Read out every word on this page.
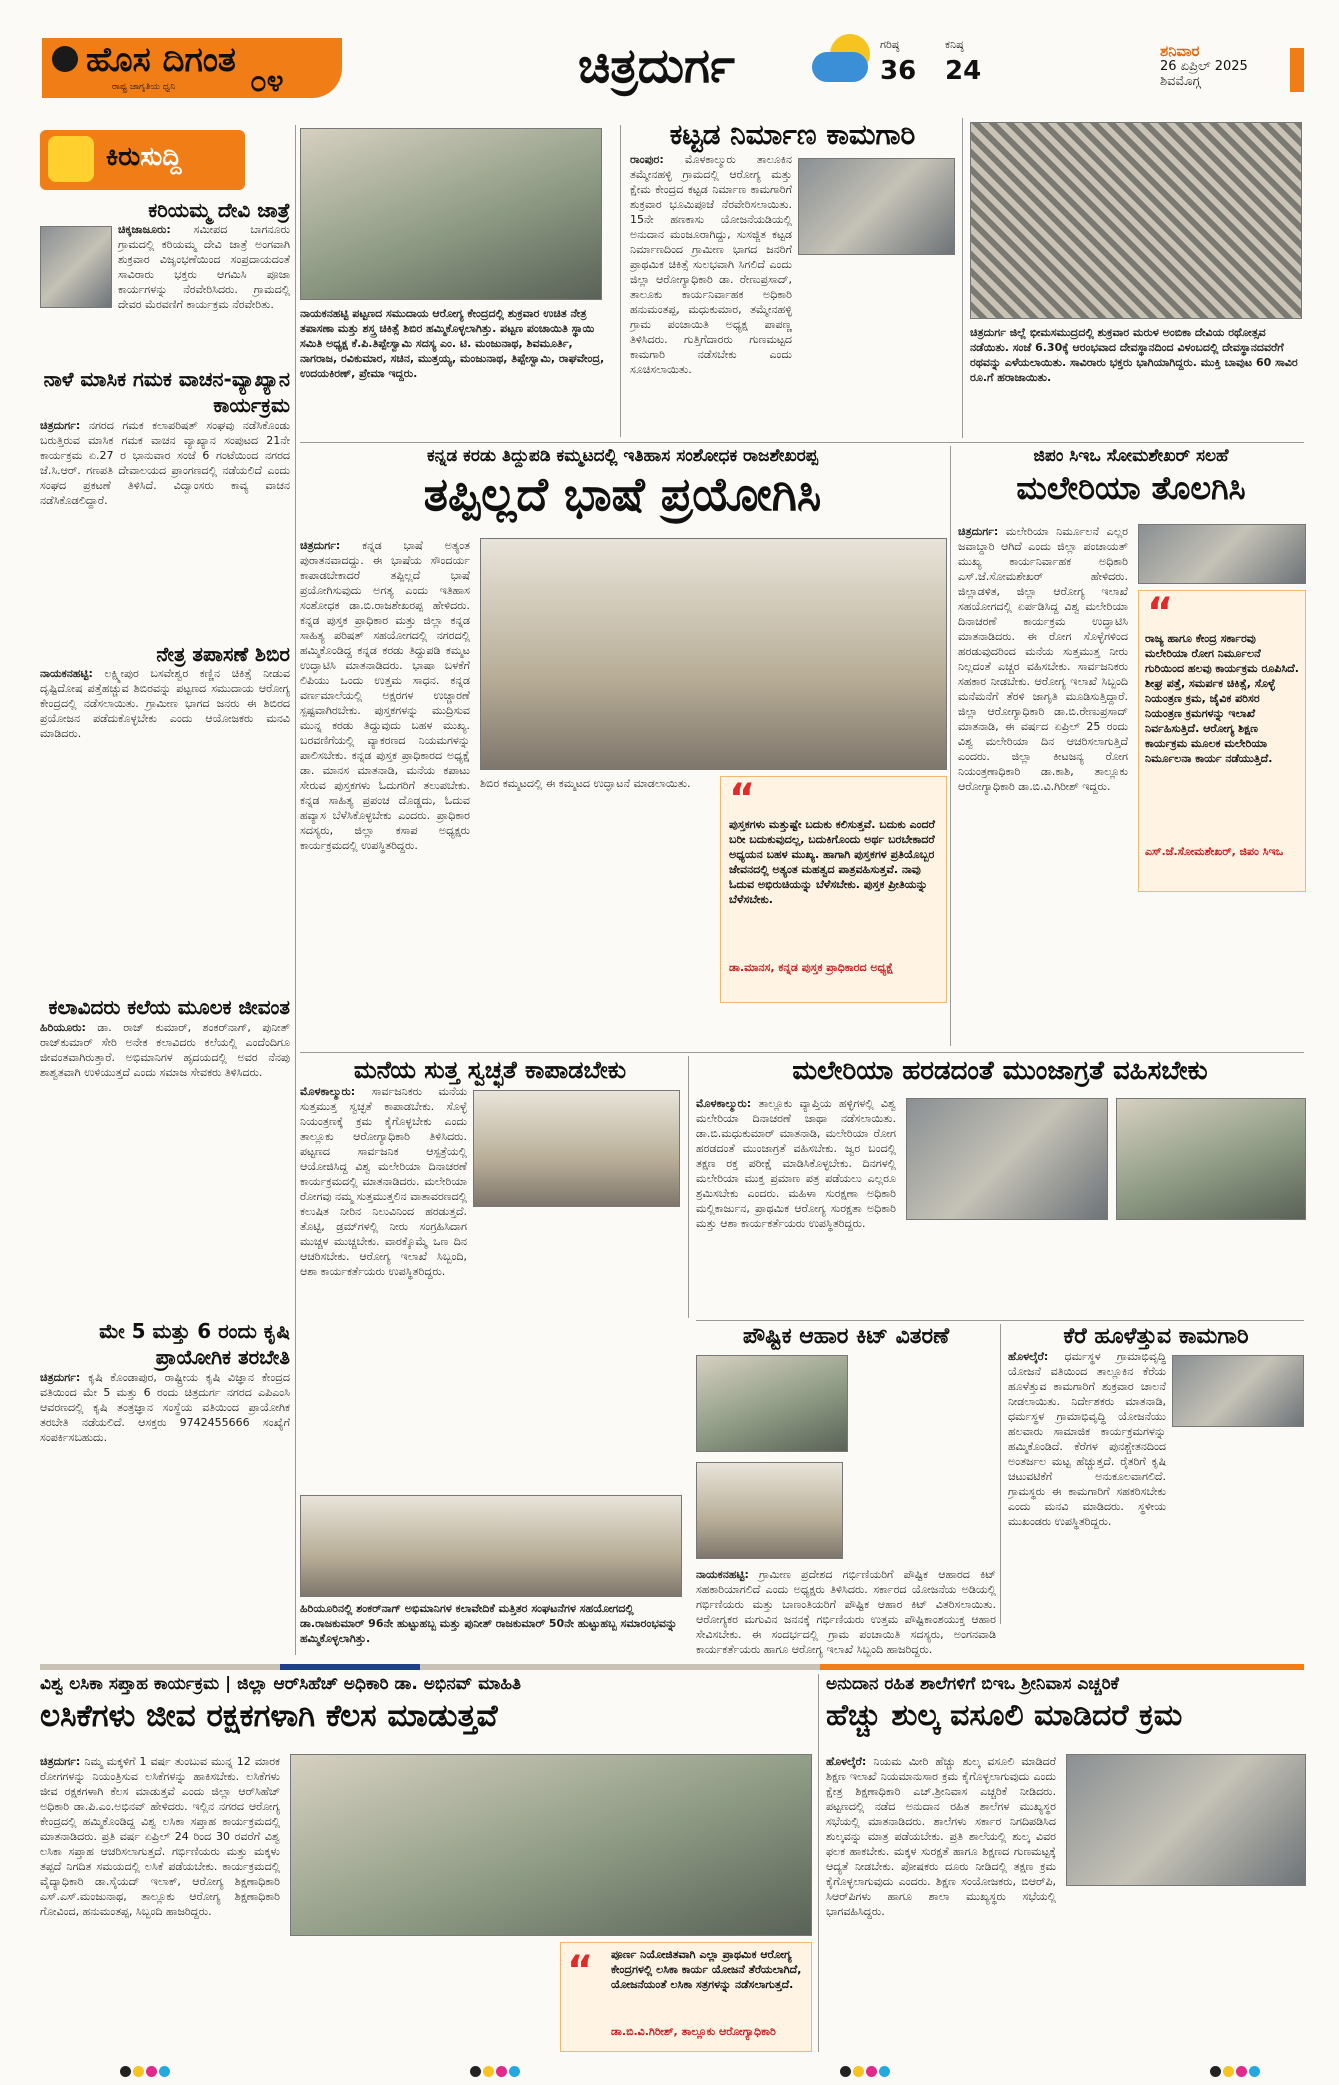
ಹೊಸ ದಿಗಂತ
ರಾಷ್ಟ್ರ ಜಾಗೃತಿಯ ಧ್ವನಿ ೦೪	ಚಿತ್ರದುರ್ಗ	ಗರಿಷ್ಠ
36
ಕನಿಷ್ಠ
24
ಶನಿವಾರ
26 ಏಪ್ರಿಲ್ 2025
ಶಿವಮೊಗ್ಗ
ಕಿರುಸುದ್ದಿ
ಕರಿಯಮ್ಮ ದೇವಿ ಜಾತ್ರೆ
ಚಿಕ್ಕಜಾಜೂರು: ಸಮೀಪದ ಬಾಗನೂರು ಗ್ರಾಮದಲ್ಲಿ ಕರಿಯಮ್ಮ ದೇವಿ ಜಾತ್ರೆ ಅಂಗವಾಗಿ ಶುಕ್ರವಾರ ವಿಜೃಂಭಣೆಯಿಂದ ಸಂಪ್ರದಾಯದಂತೆ ಸಾವಿರಾರು ಭಕ್ತರು ಆಗಮಿಸಿ ಪೂಜಾ ಕಾರ್ಯಗಳನ್ನು ನೆರವೇರಿಸಿದರು. ಗ್ರಾಮದಲ್ಲಿ ದೇವರ ಮೆರವಣಿಗೆ ಕಾರ್ಯಕ್ರಮ ನೆರವೇರಿತು.
ನಾಳೆ ಮಾಸಿಕ ಗಮಕ ವಾಚನ-ವ್ಯಾಖ್ಯಾನ ಕಾರ್ಯಕ್ರಮ
ಚಿತ್ರದುರ್ಗ: ನಗರದ ಗಮಕ ಕಲಾಪರಿಷತ್ ಸಂಘವು ನಡೆಸಿಕೊಂಡು ಬರುತ್ತಿರುವ ಮಾಸಿಕ ಗಮಕ ವಾಚನ ವ್ಯಾಖ್ಯಾನ ಸಂಪುಟದ 21ನೇ ಕಾರ್ಯಕ್ರಮ ಏ.27 ರ ಭಾನುವಾರ ಸಂಜೆ 6 ಗಂಟೆಯಿಂದ ನಗರದ ಜೆ.ಸಿ.ಆರ್. ಗಣಪತಿ ದೇವಾಲಯದ ಪ್ರಾಂಗಣದಲ್ಲಿ ನಡೆಯಲಿದೆ ಎಂದು ಸಂಘದ ಪ್ರಕಟಣೆ ತಿಳಿಸಿದೆ. ವಿದ್ವಾಂಸರು ಕಾವ್ಯ ವಾಚನ ನಡೆಸಿಕೊಡಲಿದ್ದಾರೆ.
ನೇತ್ರ ತಪಾಸಣೆ ಶಿಬಿರ
ನಾಯಕನಹಟ್ಟಿ: ಲಕ್ಷ್ಮೀಪುರ ಬಸವೇಶ್ವರ ಕಣ್ಣಿನ ಚಿಕಿತ್ಸೆ ನೀಡುವ ದೃಷ್ಟಿದೋಷ ಪತ್ತೆಹಚ್ಚುವ ಶಿಬಿರವನ್ನು ಪಟ್ಟಣದ ಸಮುದಾಯ ಆರೋಗ್ಯ ಕೇಂದ್ರದಲ್ಲಿ ನಡೆಸಲಾಯಿತು. ಗ್ರಾಮೀಣ ಭಾಗದ ಜನರು ಈ ಶಿಬಿರದ ಪ್ರಯೋಜನ ಪಡೆದುಕೊಳ್ಳಬೇಕು ಎಂದು ಆಯೋಜಕರು ಮನವಿ ಮಾಡಿದರು.
ಕಲಾವಿದರು ಕಲೆಯ ಮೂಲಕ ಜೀವಂತ
ಹಿರಿಯೂರು: ಡಾ. ರಾಜ್ ಕುಮಾರ್, ಶಂಕರ್‌ನಾಗ್, ಪುನೀತ್ ರಾಜ್‌ಕುಮಾರ್ ಸೇರಿ ಅನೇಕ ಕಲಾವಿದರು ಕಲೆಯಲ್ಲಿ ಎಂದೆಂದಿಗೂ ಜೀವಂತವಾಗಿರುತ್ತಾರೆ. ಅಭಿಮಾನಿಗಳ ಹೃದಯದಲ್ಲಿ ಅವರ ನೆನಪು ಶಾಶ್ವತವಾಗಿ ಉಳಿಯುತ್ತದೆ ಎಂದು ಸಮಾಜ ಸೇವಕರು ತಿಳಿಸಿದರು.
ಮೇ 5 ಮತ್ತು 6 ರಂದು ಕೃಷಿ ಪ್ರಾಯೋಗಿಕ ತರಬೇತಿ
ಚಿತ್ರದುರ್ಗ: ಕೃಷಿ ಕೊಂಡಾಪುರ, ರಾಷ್ಟ್ರೀಯ ಕೃಷಿ ವಿಜ್ಞಾನ ಕೇಂದ್ರದ ವತಿಯಿಂದ ಮೇ 5 ಮತ್ತು 6 ರಂದು ಚಿತ್ರದುರ್ಗ ನಗರದ ಎಪಿಎಂಸಿ ಆವರಣದಲ್ಲಿ ಕೃಷಿ ತಂತ್ರಜ್ಞಾನ ಸಂಸ್ಥೆಯ ವತಿಯಿಂದ ಪ್ರಾಯೋಗಿಕ ತರಬೇತಿ ನಡೆಯಲಿದೆ. ಆಸಕ್ತರು 9742455666 ಸಂಖ್ಯೆಗೆ ಸಂಪರ್ಕಿಸಬಹುದು.
ನಾಯಕನಹಟ್ಟಿ ಪಟ್ಟಣದ ಸಮುದಾಯ ಆರೋಗ್ಯ ಕೇಂದ್ರದಲ್ಲಿ ಶುಕ್ರವಾರ ಉಚಿತ ನೇತ್ರ ತಪಾಸಣಾ ಮತ್ತು ಶಸ್ತ್ರ ಚಿಕಿತ್ಸೆ ಶಿಬಿರ ಹಮ್ಮಿಕೊಳ್ಳಲಾಗಿತ್ತು. ಪಟ್ಟಣ ಪಂಚಾಯಿತಿ ಸ್ಥಾಯಿ ಸಮಿತಿ ಅಧ್ಯಕ್ಷ ಕೆ.ಪಿ.ತಿಪ್ಪೇಸ್ವಾಮಿ ಸದಸ್ಯ ಎಂ. ಟಿ. ಮಂಜುನಾಥ, ಶಿವಮೂರ್ತಿ, ನಾಗರಾಜ, ರವಿಕುಮಾರ, ಸಚಿನ, ಮುತ್ತಯ್ಯ, ಮಂಜುನಾಥ, ತಿಪ್ಪೇಸ್ವಾಮಿ, ರಾಘವೇಂದ್ರ, ಉದಯಕಿರಣ್, ಪ್ರೇಮಾ ಇದ್ದರು.
ಕಟ್ಟಡ ನಿರ್ಮಾಣ ಕಾಮಗಾರಿ
ರಾಂಪುರ: ಮೊಳಕಾಲ್ಮುರು ತಾಲೂಕಿನ ತಮ್ಮೇನಹಳ್ಳಿ ಗ್ರಾಮದಲ್ಲಿ ಆರೋಗ್ಯ ಮತ್ತು ಕ್ಷೇಮ ಕೇಂದ್ರದ ಕಟ್ಟಡ ನಿರ್ಮಾಣ ಕಾಮಗಾರಿಗೆ ಶುಕ್ರವಾರ ಭೂಮಿಪೂಜೆ ನೆರವೇರಿಸಲಾಯಿತು. 15ನೇ ಹಣಕಾಸು ಯೋಜನೆಯಡಿಯಲ್ಲಿ ಅನುದಾನ ಮಂಜೂರಾಗಿದ್ದು, ಸುಸಜ್ಜಿತ ಕಟ್ಟಡ ನಿರ್ಮಾಣದಿಂದ ಗ್ರಾಮೀಣ ಭಾಗದ ಜನರಿಗೆ ಪ್ರಾಥಮಿಕ ಚಿಕಿತ್ಸೆ ಸುಲಭವಾಗಿ ಸಿಗಲಿದೆ ಎಂದು ಜಿಲ್ಲಾ ಆರೋಗ್ಯಾಧಿಕಾರಿ ಡಾ. ರೇಣುಪ್ರಸಾದ್, ತಾಲೂಕು ಕಾರ್ಯನಿರ್ವಾಹಕ ಅಧಿಕಾರಿ ಹನುಮಂತಪ್ಪ, ಮಧುಕುಮಾರ, ತಮ್ಮೇನಹಳ್ಳಿ ಗ್ರಾಮ ಪಂಚಾಯಿತಿ ಅಧ್ಯಕ್ಷ ಪಾಪಣ್ಣ ತಿಳಿಸಿದರು. ಗುತ್ತಿಗೆದಾರರು ಗುಣಮಟ್ಟದ ಕಾಮಗಾರಿ ನಡೆಸಬೇಕು ಎಂದು ಸೂಚಿಸಲಾಯಿತು.
ಚಿತ್ರದುರ್ಗ ಜಿಲ್ಲೆ ಭೀಮಸಮುದ್ರದಲ್ಲಿ ಶುಕ್ರವಾರ ಮರುಳ ಅಂಬಿಕಾ ದೇವಿಯ ರಥೋತ್ಸವ ನಡೆಯಿತು. ಸಂಜೆ 6.30ಕ್ಕೆ ಆರಂಭವಾದ ದೇವಸ್ಥಾನದಿಂದ ವಿಳಂಬದಲ್ಲಿ ದೇವಸ್ಥಾನದವರೆಗೆ ರಥವನ್ನು ಎಳೆಯಲಾಯಿತು. ಸಾವಿರಾರು ಭಕ್ತರು ಭಾಗಿಯಾಗಿದ್ದರು. ಮುಕ್ತಿ ಬಾವುಟ 60 ಸಾವಿರ ರೂ.ಗೆ ಹರಾಜಾಯಿತು.
ಕನ್ನಡ ಕರಡು ತಿದ್ದುಪಡಿ ಕಮ್ಮಟದಲ್ಲಿ ಇತಿಹಾಸ ಸಂಶೋಧಕ ರಾಜಶೇಖರಪ್ಪ
ತಪ್ಪಿಲ್ಲದೆ ಭಾಷೆ ಪ್ರಯೋಗಿಸಿ
ಚಿತ್ರದುರ್ಗ: ಕನ್ನಡ ಭಾಷೆ ಅತ್ಯಂತ ಪುರಾತನವಾದದ್ದು. ಈ ಭಾಷೆಯ ಸೌಂದರ್ಯ ಕಾಪಾಡಬೇಕಾದರೆ ತಪ್ಪಿಲ್ಲದೆ ಭಾಷೆ ಪ್ರಯೋಗಿಸುವುದು ಅಗತ್ಯ ಎಂದು ಇತಿಹಾಸ ಸಂಶೋಧಕ ಡಾ.ಬಿ.ರಾಜಶೇಖರಪ್ಪ ಹೇಳಿದರು. ಕನ್ನಡ ಪುಸ್ತಕ ಪ್ರಾಧಿಕಾರ ಮತ್ತು ಜಿಲ್ಲಾ ಕನ್ನಡ ಸಾಹಿತ್ಯ ಪರಿಷತ್ ಸಹಯೋಗದಲ್ಲಿ ನಗರದಲ್ಲಿ ಹಮ್ಮಿಕೊಂಡಿದ್ದ ಕನ್ನಡ ಕರಡು ತಿದ್ದುಪಡಿ ಕಮ್ಮಟ ಉದ್ಘಾಟಿಸಿ ಮಾತನಾಡಿದರು. ಭಾಷಾ ಬಳಕೆಗೆ ಲಿಪಿಯು ಒಂದು ಉತ್ತಮ ಸಾಧನ. ಕನ್ನಡ ವರ್ಣಮಾಲೆಯಲ್ಲಿ ಅಕ್ಷರಗಳ ಉಚ್ಚಾರಣೆ ಸ್ಪಷ್ಟವಾಗಿರಬೇಕು. ಪುಸ್ತಕಗಳನ್ನು ಮುದ್ರಿಸುವ ಮುನ್ನ ಕರಡು ತಿದ್ದುವುದು ಬಹಳ ಮುಖ್ಯ. ಬರವಣಿಗೆಯಲ್ಲಿ ವ್ಯಾಕರಣದ ನಿಯಮಗಳನ್ನು ಪಾಲಿಸಬೇಕು. ಕನ್ನಡ ಪುಸ್ತಕ ಪ್ರಾಧಿಕಾರದ ಅಧ್ಯಕ್ಷೆ ಡಾ. ಮಾನಸ ಮಾತನಾಡಿ, ಮನೆಯ ಕಪಾಟು ಸೇರುವ ಪುಸ್ತಕಗಳು ಓದುಗರಿಗೆ ತಲುಪಬೇಕು. ಕನ್ನಡ ಸಾಹಿತ್ಯ ಪ್ರಪಂಚ ದೊಡ್ಡದು, ಓದುವ ಹವ್ಯಾಸ ಬೆಳೆಸಿಕೊಳ್ಳಬೇಕು ಎಂದರು. ಪ್ರಾಧಿಕಾರ ಸದಸ್ಯರು, ಜಿಲ್ಲಾ ಕಸಾಪ ಅಧ್ಯಕ್ಷರು ಕಾರ್ಯಕ್ರಮದಲ್ಲಿ ಉಪಸ್ಥಿತರಿದ್ದರು.
ಶಿಬಿರ ಕಮ್ಮಟದಲ್ಲಿ ಈ ಕಮ್ಮಟದ ಉದ್ಘಾಟನೆ ಮಾಡಲಾಯಿತು. “
ಪುಸ್ತಕಗಳು ಮತ್ತುಷ್ಟೇ ಬದುಕು ಕಲಿಸುತ್ತವೆ. ಬದುಕು ಎಂದರೆ ಬರೀ ಬದುಕುವುದಲ್ಲ, ಬದುಕಿಗೊಂದು ಅರ್ಥ ಬರಬೇಕಾದರೆ ಅಧ್ಯಯನ ಬಹಳ ಮುಖ್ಯ. ಹಾಗಾಗಿ ಪುಸ್ತಕಗಳ ಪ್ರತಿಯೊಬ್ಬರ ಜೇವನದಲ್ಲಿ ಅತ್ಯಂತ ಮಹತ್ವದ ಪಾತ್ರವಹಿಸುತ್ತವೆ. ನಾವು ಓದುವ ಅಭಿರುಚಿಯನ್ನು ಬೆಳೆಸಬೇಕು. ಪುಸ್ತಕ ಪ್ರೀತಿಯನ್ನು ಬೆಳೆಸಬೇಕು.
ಡಾ.ಮಾನಸ, ಕನ್ನಡ ಪುಸ್ತಕ ಪ್ರಾಧಿಕಾರದ ಅಧ್ಯಕ್ಷೆ
ಜಿಪಂ ಸಿಇಒ ಸೋಮಶೇಖರ್ ಸಲಹೆ
ಮಲೇರಿಯಾ ತೊಲಗಿಸಿ
ಚಿತ್ರದುರ್ಗ: ಮಲೇರಿಯಾ ನಿರ್ಮೂಲನೆ ಎಲ್ಲರ ಜವಾಬ್ದಾರಿ ಆಗಿದೆ ಎಂದು ಜಿಲ್ಲಾ ಪಂಚಾಯತ್ ಮುಖ್ಯ ಕಾರ್ಯನಿರ್ವಾಹಕ ಅಧಿಕಾರಿ ಎಸ್.ಜೆ.ಸೋಮಶೇಖರ್ ಹೇಳಿದರು. ಜಿಲ್ಲಾಡಳಿತ, ಜಿಲ್ಲಾ ಆರೋಗ್ಯ ಇಲಾಖೆ ಸಹಯೋಗದಲ್ಲಿ ಏರ್ಪಡಿಸಿದ್ದ ವಿಶ್ವ ಮಲೇರಿಯಾ ದಿನಾಚರಣೆ ಕಾರ್ಯಕ್ರಮ ಉದ್ಘಾಟಿಸಿ ಮಾತನಾಡಿದರು. ಈ ರೋಗ ಸೊಳ್ಳೆಗಳಿಂದ ಹರಡುವುದರಿಂದ ಮನೆಯ ಸುತ್ತಮುತ್ತ ನೀರು ನಿಲ್ಲದಂತೆ ಎಚ್ಚರ ವಹಿಸಬೇಕು. ಸಾರ್ವಜನಿಕರು ಸಹಕಾರ ನೀಡಬೇಕು. ಆರೋಗ್ಯ ಇಲಾಖೆ ಸಿಬ್ಬಂದಿ ಮನೆಮನೆಗೆ ತೆರಳಿ ಜಾಗೃತಿ ಮೂಡಿಸುತ್ತಿದ್ದಾರೆ. ಜಿಲ್ಲಾ ಆರೋಗ್ಯಾಧಿಕಾರಿ ಡಾ.ಬಿ.ರೇಣುಪ್ರಸಾದ್ ಮಾತನಾಡಿ, ಈ ವರ್ಷದ ಏಪ್ರಿಲ್ 25 ರಂದು ವಿಶ್ವ ಮಲೇರಿಯಾ ದಿನ ಆಚರಿಸಲಾಗುತ್ತಿದೆ ಎಂದರು. ಜಿಲ್ಲಾ ಕೀಟಜನ್ಯ ರೋಗ ನಿಯಂತ್ರಣಾಧಿಕಾರಿ ಡಾ.ಕಾಶಿ, ತಾಲ್ಲೂಕು ಆರೋಗ್ಯಾಧಿಕಾರಿ ಡಾ.ಬಿ.ವಿ.ಗಿರೀಶ್ ಇದ್ದರು.
“
ರಾಜ್ಯ ಹಾಗೂ ಕೇಂದ್ರ ಸರ್ಕಾರವು ಮಲೇರಿಯಾ ರೋಗ ನಿರ್ಮೂಲನೆ ಗುರಿಯಿಂದ ಹಲವು ಕಾರ್ಯಕ್ರಮ ರೂಪಿಸಿದೆ. ಶೀಘ್ರ ಪತ್ತೆ, ಸಮರ್ಪಕ ಚಿಕಿತ್ಸೆ, ಸೊಳ್ಳೆ ನಿಯಂತ್ರಣ ಕ್ರಮ, ಜೈವಿಕ ಪರಿಸರ ನಿಯಂತ್ರಣ ಕ್ರಮಗಳನ್ನು ಇಲಾಖೆ ನಿರ್ವಹಿಸುತ್ತಿದೆ. ಆರೋಗ್ಯ ಶಿಕ್ಷಣ ಕಾರ್ಯಕ್ರಮ ಮೂಲಕ ಮಲೇರಿಯಾ ನಿರ್ಮೂಲನಾ ಕಾರ್ಯ ನಡೆಯುತ್ತಿದೆ.
ಎಸ್.ಜೆ.ಸೋಮಶೇಖರ್, ಜಿಪಂ ಸಿಇಒ
ಮನೆಯ ಸುತ್ತ ಸ್ವಚ್ಛತೆ ಕಾಪಾಡಬೇಕು
ಮೊಳಕಾಲ್ಮುರು: ಸಾರ್ವಜನಿಕರು ಮನೆಯ ಸುತ್ತಮುತ್ತ ಸ್ವಚ್ಛತೆ ಕಾಪಾಡಬೇಕು. ಸೊಳ್ಳೆ ನಿಯಂತ್ರಣಕ್ಕೆ ಕ್ರಮ ಕೈಗೊಳ್ಳಬೇಕು ಎಂದು ತಾಲ್ಲೂಕು ಆರೋಗ್ಯಾಧಿಕಾರಿ ತಿಳಿಸಿದರು. ಪಟ್ಟಣದ ಸಾರ್ವಜನಿಕ ಆಸ್ಪತ್ರೆಯಲ್ಲಿ ಆಯೋಜಿಸಿದ್ದ ವಿಶ್ವ ಮಲೇರಿಯಾ ದಿನಾಚರಣೆ ಕಾರ್ಯಕ್ರಮದಲ್ಲಿ ಮಾತನಾಡಿದರು. ಮಲೇರಿಯಾ ರೋಗವು ನಮ್ಮ ಸುತ್ತಮುತ್ತಲಿನ ವಾತಾವರಣದಲ್ಲಿ ಕಲುಷಿತ ನೀರಿನ ನಿಲುವಿನಿಂದ ಹರಡುತ್ತದೆ. ತೊಟ್ಟಿ, ಡ್ರಮ್‌ಗಳಲ್ಲಿ ನೀರು ಸಂಗ್ರಹಿಸಿದಾಗ ಮುಚ್ಚಳ ಮುಚ್ಚಬೇಕು. ವಾರಕ್ಕೊಮ್ಮೆ ಒಣ ದಿನ ಆಚರಿಸಬೇಕು. ಆರೋಗ್ಯ ಇಲಾಖೆ ಸಿಬ್ಬಂದಿ, ಆಶಾ ಕಾರ್ಯಕರ್ತೆಯರು ಉಪಸ್ಥಿತರಿದ್ದರು.
ಮಲೇರಿಯಾ ಹರಡದಂತೆ ಮುಂಜಾಗ್ರತೆ ವಹಿಸಬೇಕು
ಮೊಳಕಾಲ್ಮುರು: ತಾಲ್ಲೂಕು ವ್ಯಾಪ್ತಿಯ ಹಳ್ಳಿಗಳಲ್ಲಿ ವಿಶ್ವ ಮಲೇರಿಯಾ ದಿನಾಚರಣೆ ಜಾಥಾ ನಡೆಸಲಾಯಿತು. ಡಾ.ಬಿ.ಮಧುಕುಮಾರ್ ಮಾತನಾಡಿ, ಮಲೇರಿಯಾ ರೋಗ ಹರಡದಂತೆ ಮುಂಜಾಗ್ರತೆ ವಹಿಸಬೇಕು. ಜ್ವರ ಬಂದಲ್ಲಿ ತಕ್ಷಣ ರಕ್ತ ಪರೀಕ್ಷೆ ಮಾಡಿಸಿಕೊಳ್ಳಬೇಕು. ದಿನಗಳಲ್ಲಿ ಮಲೇರಿಯಾ ಮುಕ್ತ ಪ್ರಮಾಣ ಪತ್ರ ಪಡೆಯಲು ಎಲ್ಲರೂ ಶ್ರಮಿಸಬೇಕು ಎಂದರು. ಮಹಿಳಾ ಸುರಕ್ಷಣಾ ಅಧಿಕಾರಿ ಮಲ್ಲಿಕಾರ್ಜುನ, ಪ್ರಾಥಮಿಕ ಆರೋಗ್ಯ ಸುರಕ್ಷತಾ ಅಧಿಕಾರಿ ಮತ್ತು ಆಶಾ ಕಾರ್ಯಕರ್ತೆಯರು ಉಪಸ್ಥಿತರಿದ್ದರು.
ಪೌಷ್ಟಿಕ ಆಹಾರ ಕಿಟ್ ವಿತರಣೆ

ನಾಯಕನಹಟ್ಟಿ: ಗ್ರಾಮೀಣ ಪ್ರದೇಶದ ಗರ್ಭಿಣಿಯರಿಗೆ ಪೌಷ್ಟಿಕ ಆಹಾರದ ಕಿಟ್ ಸಹಕಾರಿಯಾಗಲಿದೆ ಎಂದು ಅಧ್ಯಕ್ಷರು ತಿಳಿಸಿದರು. ಸರ್ಕಾರದ ಯೋಜನೆಯ ಅಡಿಯಲ್ಲಿ ಗರ್ಭಿಣಿಯರು ಮತ್ತು ಬಾಣಂತಿಯರಿಗೆ ಪೌಷ್ಟಿಕ ಆಹಾರ ಕಿಟ್ ವಿತರಿಸಲಾಯಿತು. ಆರೋಗ್ಯಕರ ಮಗುವಿನ ಜನನಕ್ಕೆ ಗರ್ಭಿಣಿಯರು ಉತ್ತಮ ಪೌಷ್ಟಿಕಾಂಶಯುಕ್ತ ಆಹಾರ ಸೇವಿಸಬೇಕು. ಈ ಸಂದರ್ಭದಲ್ಲಿ ಗ್ರಾಮ ಪಂಚಾಯಿತಿ ಸದಸ್ಯರು, ಅಂಗನವಾಡಿ ಕಾರ್ಯಕರ್ತೆಯರು ಹಾಗೂ ಆರೋಗ್ಯ ಇಲಾಖೆ ಸಿಬ್ಬಂದಿ ಹಾಜರಿದ್ದರು.
ಕೆರೆ ಹೂಳೆತ್ತುವ ಕಾಮಗಾರಿ
ಹೊಳಲ್ಕೆರೆ: ಧರ್ಮಸ್ಥಳ ಗ್ರಾಮಾಭಿವೃದ್ಧಿ ಯೋಜನೆ ವತಿಯಿಂದ ತಾಲ್ಲೂಕಿನ ಕೆರೆಯ ಹೂಳೆತ್ತುವ ಕಾಮಗಾರಿಗೆ ಶುಕ್ರವಾರ ಚಾಲನೆ ನೀಡಲಾಯಿತು. ನಿರ್ದೇಶಕರು ಮಾತನಾಡಿ, ಧರ್ಮಸ್ಥಳ ಗ್ರಾಮಾಭಿವೃದ್ಧಿ ಯೋಜನೆಯು ಹಲವಾರು ಸಾಮಾಜಿಕ ಕಾರ್ಯಕ್ರಮಗಳನ್ನು ಹಮ್ಮಿಕೊಂಡಿದೆ. ಕೆರೆಗಳ ಪುನಶ್ಚೇತನದಿಂದ ಅಂತರ್ಜಲ ಮಟ್ಟ ಹೆಚ್ಚುತ್ತದೆ. ರೈತರಿಗೆ ಕೃಷಿ ಚಟುವಟಿಕೆಗೆ ಅನುಕೂಲವಾಗಲಿದೆ. ಗ್ರಾಮಸ್ಥರು ಈ ಕಾಮಗಾರಿಗೆ ಸಹಕರಿಸಬೇಕು ಎಂದು ಮನವಿ ಮಾಡಿದರು. ಸ್ಥಳೀಯ ಮುಖಂಡರು ಉಪಸ್ಥಿತರಿದ್ದರು.
ಹಿರಿಯೂರಿನಲ್ಲಿ ಶಂಕರ್‌ನಾಗ್ ಅಭಿಮಾನಿಗಳ ಕಲಾವೇದಿಕೆ ಮತ್ತಿತರ ಸಂಘಟನೆಗಳ ಸಹಯೋಗದಲ್ಲಿ ಡಾ.ರಾಜಕುಮಾರ್ 96ನೇ ಹುಟ್ಟುಹಬ್ಬ ಮತ್ತು ಪುನೀತ್ ರಾಜಕುಮಾರ್ 50ನೇ ಹುಟ್ಟುಹಬ್ಬ ಸಮಾರಂಭವನ್ನು ಹಮ್ಮಿಕೊಳ್ಳಲಾಗಿತ್ತು.
ವಿಶ್ವ ಲಸಿಕಾ ಸಪ್ತಾಹ ಕಾರ್ಯಕ್ರಮ | ಜಿಲ್ಲಾ ಆರ್‌ಸಿಹೆಚ್ ಅಧಿಕಾರಿ ಡಾ. ಅಭಿನವ್ ಮಾಹಿತಿ
ಲಸಿಕೆಗಳು ಜೀವ ರಕ್ಷಕಗಳಾಗಿ ಕೆಲಸ ಮಾಡುತ್ತವೆ
ಚಿತ್ರದುರ್ಗ: ನಿಮ್ಮ ಮಕ್ಕಳಿಗೆ 1 ವರ್ಷ ತುಂಬುವ ಮುನ್ನ 12 ಮಾರಕ ರೋಗಗಳನ್ನು ನಿಯಂತ್ರಿಸುವ ಲಸಿಕೆಗಳನ್ನು ಹಾಕಿಸಬೇಕು. ಲಸಿಕೆಗಳು ಜೀವ ರಕ್ಷಕಗಳಾಗಿ ಕೆಲಸ ಮಾಡುತ್ತವೆ ಎಂದು ಜಿಲ್ಲಾ ಆರ್‌ಸಿಹೆಚ್ ಅಧಿಕಾರಿ ಡಾ.ಪಿ.ಎಂ.ಅಭಿನವ್ ಹೇಳಿದರು. ಇಲ್ಲಿನ ನಗರದ ಆರೋಗ್ಯ ಕೇಂದ್ರದಲ್ಲಿ ಹಮ್ಮಿಕೊಂಡಿದ್ದ ವಿಶ್ವ ಲಸಿಕಾ ಸಪ್ತಾಹ ಕಾರ್ಯಕ್ರಮದಲ್ಲಿ ಮಾತನಾಡಿದರು. ಪ್ರತಿ ವರ್ಷ ಏಪ್ರಿಲ್ 24 ರಿಂದ 30 ರವರೆಗೆ ವಿಶ್ವ ಲಸಿಕಾ ಸಪ್ತಾಹ ಆಚರಿಸಲಾಗುತ್ತದೆ. ಗರ್ಭಿಣಿಯರು ಮತ್ತು ಮಕ್ಕಳು ತಪ್ಪದೆ ನಿಗದಿತ ಸಮಯದಲ್ಲಿ ಲಸಿಕೆ ಪಡೆಯಬೇಕು. ಕಾರ್ಯಕ್ರಮದಲ್ಲಿ ವೈದ್ಯಾಧಿಕಾರಿ ಡಾ.ಸೈಯದ್ ಇಲಾಕ್, ಆರೋಗ್ಯ ಶಿಕ್ಷಣಾಧಿಕಾರಿ ಎಸ್.ಎಸ್.ಮಂಜುನಾಥ, ತಾಲ್ಲೂಕು ಆರೋಗ್ಯ ಶಿಕ್ಷಣಾಧಿಕಾರಿ ಗೋವಿಂದ, ಹನುಮಂತಪ್ಪ, ಸಿಬ್ಬಂದಿ ಹಾಜರಿದ್ದರು.
“ ಪೂರ್ಣ ನಿಯೋಜಿತವಾಗಿ ಎಲ್ಲಾ ಪ್ರಾಥಮಿಕ ಆರೋಗ್ಯ ಕೇಂದ್ರಗಳಲ್ಲಿ ಲಸಿಕಾ ಕಾರ್ಯ ಯೋಜನೆ ತೆರೆಯಲಾಗಿದೆ, ಯೋಜನೆಯಂತೆ ಲಸಿಕಾ ಸತ್ರಗಳನ್ನು ನಡೆಸಲಾಗುತ್ತದೆ.
ಡಾ.ಬಿ.ವಿ.ಗಿರೀಶ್, ತಾಲ್ಲೂಕು ಆರೋಗ್ಯಾಧಿಕಾರಿ
ಅನುದಾನ ರಹಿತ ಶಾಲೆಗಳಿಗೆ ಬಿಇಒ ಶ್ರೀನಿವಾಸ ಎಚ್ಚರಿಕೆ
ಹೆಚ್ಚು ಶುಲ್ಕ ವಸೂಲಿ ಮಾಡಿದರೆ ಕ್ರಮ
ಹೊಳಲ್ಕೆರೆ: ನಿಯಮ ಮೀರಿ ಹೆಚ್ಚು ಶುಲ್ಕ ವಸೂಲಿ ಮಾಡಿದರೆ ಶಿಕ್ಷಣ ಇಲಾಖೆ ನಿಯಮಾನುಸಾರ ಕ್ರಮ ಕೈಗೊಳ್ಳಲಾಗುವುದು ಎಂದು ಕ್ಷೇತ್ರ ಶಿಕ್ಷಣಾಧಿಕಾರಿ ಎಚ್.ಶ್ರೀನಿವಾಸ ಎಚ್ಚರಿಕೆ ನೀಡಿದರು. ಪಟ್ಟಣದಲ್ಲಿ ನಡೆದ ಅನುದಾನ ರಹಿತ ಶಾಲೆಗಳ ಮುಖ್ಯಸ್ಥರ ಸಭೆಯಲ್ಲಿ ಮಾತನಾಡಿದರು. ಶಾಲೆಗಳು ಸರ್ಕಾರ ನಿಗದಿಪಡಿಸಿದ ಶುಲ್ಕವನ್ನು ಮಾತ್ರ ಪಡೆಯಬೇಕು. ಪ್ರತಿ ಶಾಲೆಯಲ್ಲಿ ಶುಲ್ಕ ವಿವರ ಫಲಕ ಹಾಕಬೇಕು. ಮಕ್ಕಳ ಸುರಕ್ಷತೆ ಹಾಗೂ ಶಿಕ್ಷಣದ ಗುಣಮಟ್ಟಕ್ಕೆ ಆದ್ಯತೆ ನೀಡಬೇಕು. ಪೋಷಕರು ದೂರು ನೀಡಿದಲ್ಲಿ ತಕ್ಷಣ ಕ್ರಮ ಕೈಗೊಳ್ಳಲಾಗುವುದು ಎಂದರು. ಶಿಕ್ಷಣ ಸಂಯೋಜಕರು, ಬಿಆರ್‌ಪಿ, ಸಿಆರ್‌ಪಿಗಳು ಹಾಗೂ ಶಾಲಾ ಮುಖ್ಯಸ್ಥರು ಸಭೆಯಲ್ಲಿ ಭಾಗವಹಿಸಿದ್ದರು.
